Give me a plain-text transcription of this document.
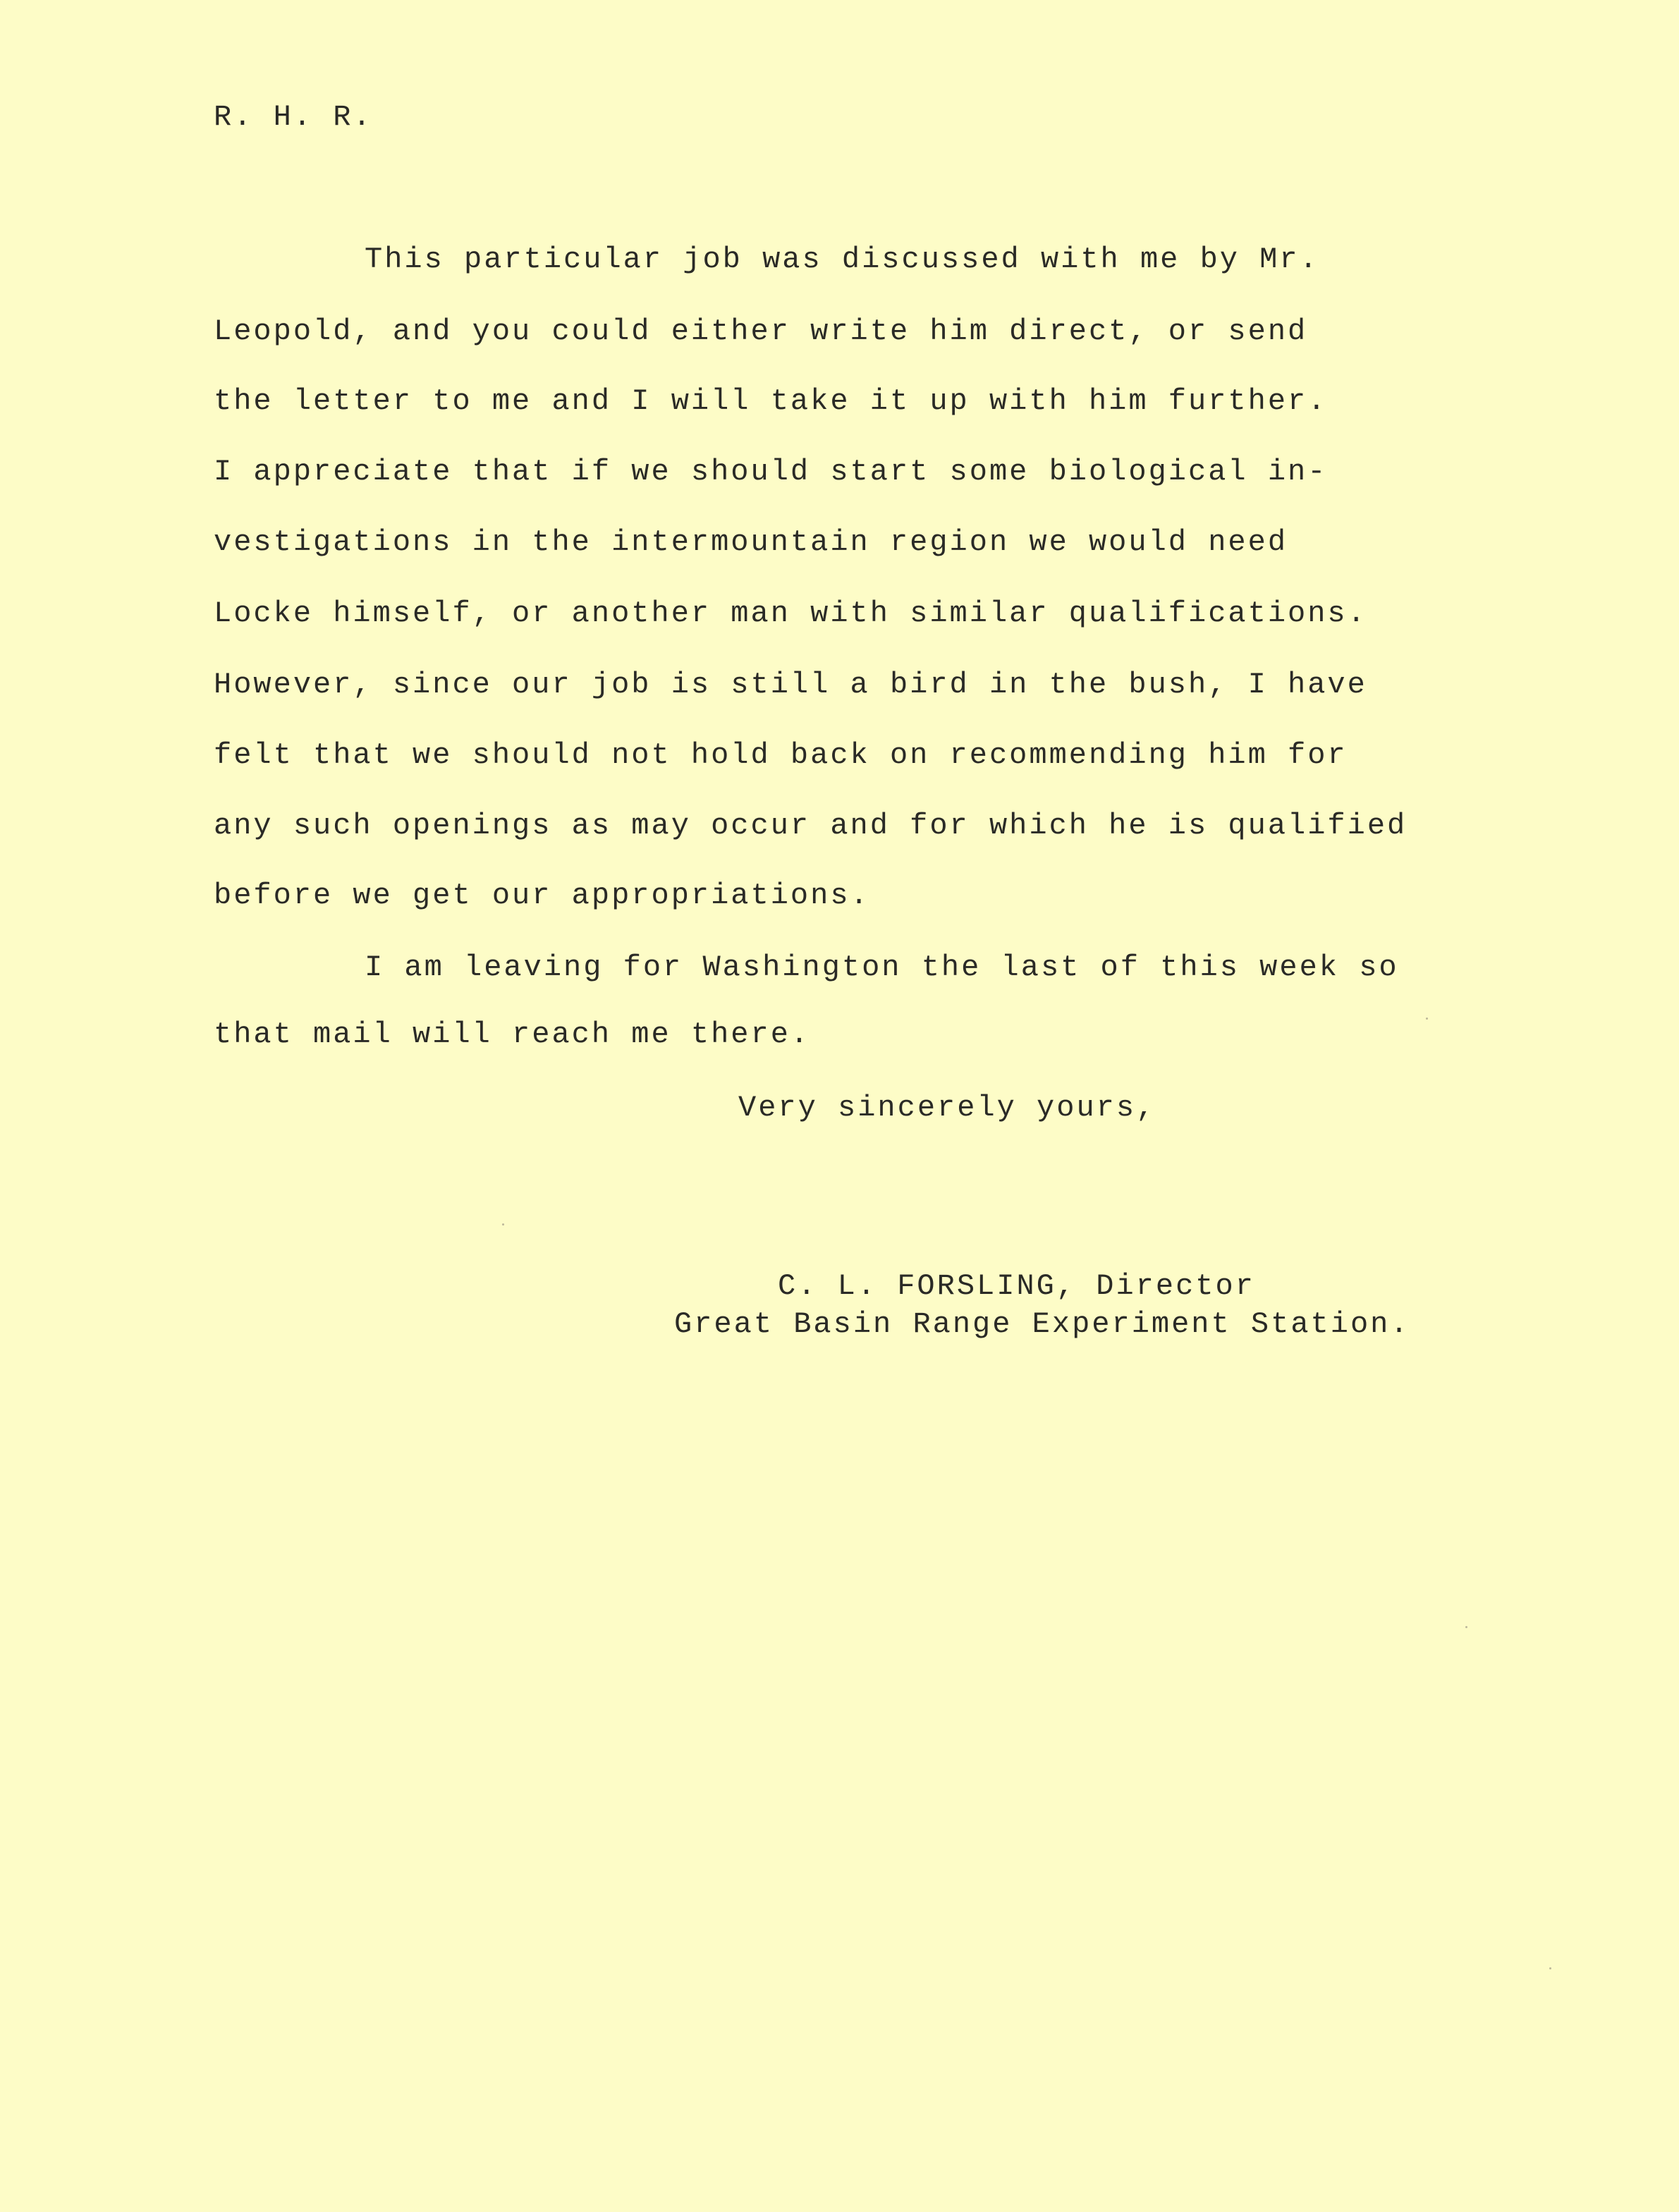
R. H. R.
This particular job was discussed with me by Mr.
Leopold, and you could either write him direct, or send
the letter to me and I will take it up with him further.
I appreciate that if we should start some biological in-
vestigations in the intermountain region we would need
Locke himself, or another man with similar qualifications.
However, since our job is still a bird in the bush, I have
felt that we should not hold back on recommending him for
any such openings as may occur and for which he is qualified
before we get our appropriations.
I am leaving for Washington the last of this week so
that mail will reach me there.
Very sincerely yours,
C. L. FORSLING, Director
Great Basin Range Experiment Station.
